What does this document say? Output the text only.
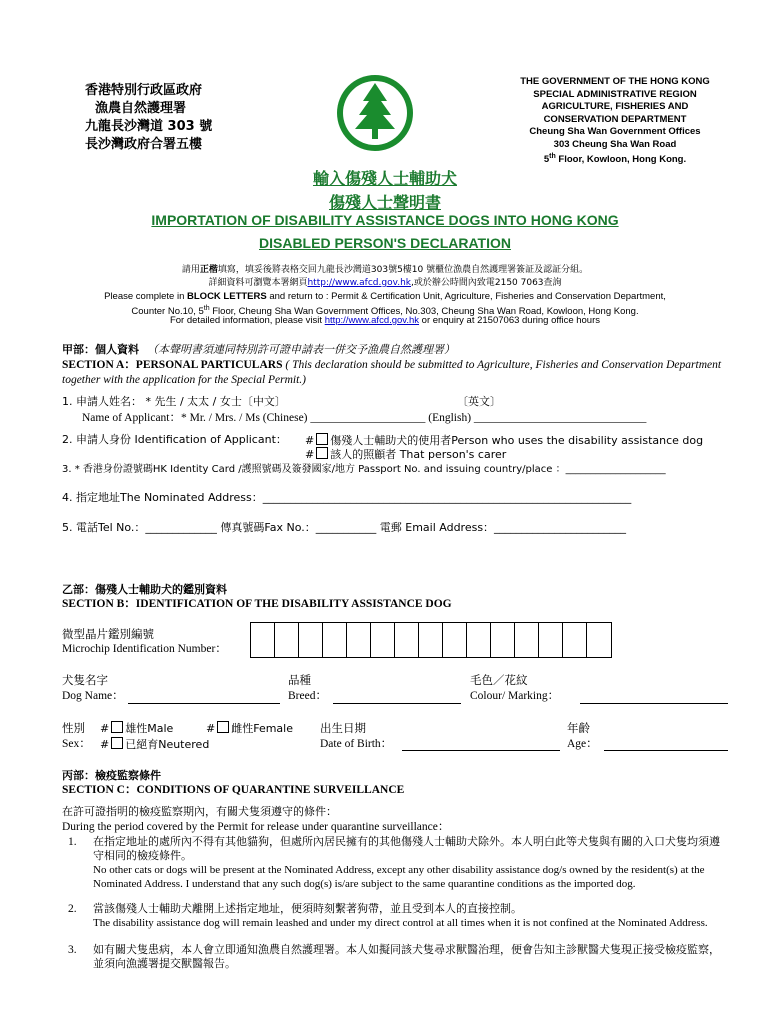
香港特別行政區政府
漁農自然護理署
九龍長沙灣道 303 號
長沙灣政府合署五樓
THE GOVERNMENT OF THE HONG KONG
SPECIAL ADMINISTRATIVE REGION
AGRICULTURE, FISHERIES AND
CONSERVATION DEPARTMENT
Cheung Sha Wan Government Offices
303 Cheung Sha Wan Road
5th Floor, Kowloon, Hong Kong.
輸入傷殘人士輔助犬
傷殘人士聲明書
IMPORTATION OF DISABILITY ASSISTANCE DOGS INTO HONG KONG
DISABLED PERSON'S DECLARATION
請用正楷填寫，填妥後將表格交回九龍長沙灣道303號5樓10 號櫃位漁農自然護理署簽証及認証分組。
詳細資料可瀏覽本署網頁http://www.afcd.gov.hk,或於辦公時間內致電2150 7063查詢
Please complete in BLOCK LETTERS and return to : Permit & Certification Unit, Agriculture, Fisheries and Conservation Department,
Counter No.10, 5th Floor, Cheung Sha Wan Government Offices, No.303, Cheung Sha Wan Road, Kowloon, Hong Kong.
For detailed information, please visit http://www.afcd.gov.hk or enquiry at 21507063 during office hours
甲部：個人資料 （本聲明書須連同特別許可證申請表一併交予漁農自然護理署）
SECTION A：PERSONAL PARTICULARS ( This declaration should be submitted to Agriculture, Fisheries and Conservation Department together with the application for the Special Permit.)
1. 申請人姓名： * 先生 / 太太 / 女士〔中文〕	〔英文〕
Name of Applicant：* Mr. / Mrs. / Ms (Chinese) ____________________ (English) ______________________________
2. 申請人身份 Identification of Applicant： # 傷殘人士輔助犬的使用者Person who uses the disability assistance dog
# 該人的照顧者 That person's carer
3. * 香港身份證號碼HK Identity Card /護照號碼及簽發國家/地方 Passport No. and issuing country/place ：____________________
4. 指定地址The Nominated Address：___________________________________________________________________
5. 電話Tel No.：_____________ 傳真號碼Fax No.：___________ 電郵 Email Address：________________________
乙部：傷殘人士輔助犬的鑑別資料
SECTION B：IDENTIFICATION OF THE DISABILITY ASSISTANCE DOG
微型晶片鑑別編號
Microchip Identification Number：
犬隻名字
Dog Name：
品種
Breed：
毛色／花紋
Colour/ Marking：
性別
Sex：
# 雄性Male	# 雌性Female
# 已絕育Neutered
出生日期
Date of Birth：
年齡
Age：
丙部：檢疫監察條件
SECTION C：CONDITIONS OF QUARANTINE SURVEILLANCE
在許可證指明的檢疫監察期內，有關犬隻須遵守的條件：
During the period covered by the Permit for release under quarantine surveillance：
1. 在指定地址的處所內不得有其他貓狗，但處所內居民擁有的其他傷殘人士輔助犬除外。本人明白此等犬隻與有關的入口犬隻均須遵守相同的檢疫條件。
No other cats or dogs will be present at the Nominated Address, except any other disability assistance dog/s owned by the resident(s) at the Nominated Address. I understand that any such dog(s) is/are subject to the same quarantine conditions as the imported dog.
2. 當該傷殘人士輔助犬離開上述指定地址，便須時刻繫著狗帶，並且受到本人的直接控制。
The disability assistance dog will remain leashed and under my direct control at all times when it is not confined at the Nominated Address.
3. 如有關犬隻患病，本人會立即通知漁農自然護理署。本人如擬同該犬隻尋求獸醫治理，便會告知主診獸醫犬隻現正接受檢疫監察，並須向漁護署提交獸醫報告。
